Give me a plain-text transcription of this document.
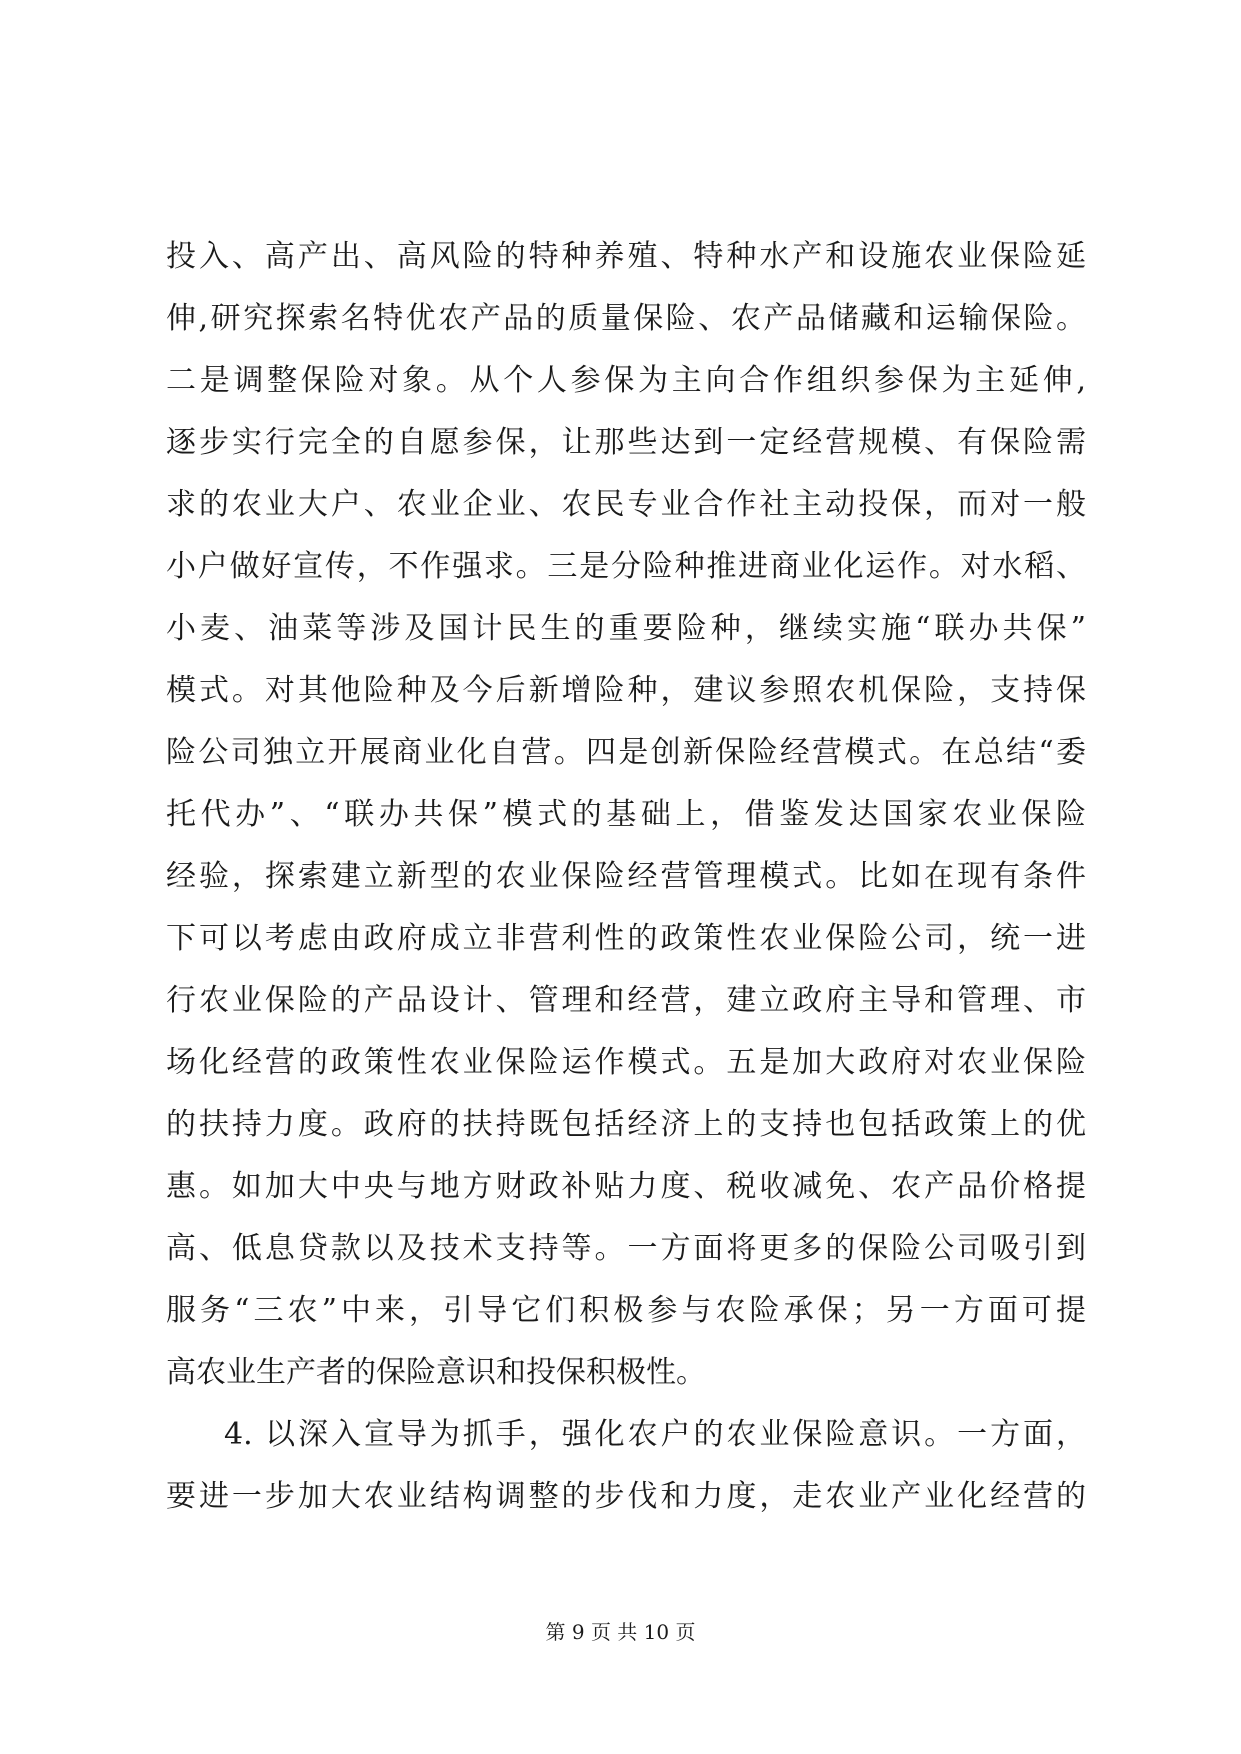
投入、高产出、高风险的特种养殖、特种水产和设施农业保险延
伸,研究探索名特优农产品的质量保险、农产品储藏和运输保险。
二是调整保险对象。从个人参保为主向合作组织参保为主延伸,
逐步实行完全的自愿参保，让那些达到一定经营规模、有保险需
求的农业大户、农业企业、农民专业合作社主动投保，而对一般
小户做好宣传，不作强求。三是分险种推进商业化运作。对水稻、
小麦、油菜等涉及国计民生的重要险种，继续实施“联办共保”
模式。对其他险种及今后新增险种，建议参照农机保险，支持保
险公司独立开展商业化自营。四是创新保险经营模式。在总结“委
托代办”、“联办共保”模式的基础上，借鉴发达国家农业保险
经验，探索建立新型的农业保险经营管理模式。比如在现有条件
下可以考虑由政府成立非营利性的政策性农业保险公司，统一进
行农业保险的产品设计、管理和经营，建立政府主导和管理、市
场化经营的政策性农业保险运作模式。五是加大政府对农业保险
的扶持力度。政府的扶持既包括经济上的支持也包括政策上的优
惠。如加大中央与地方财政补贴力度、税收减免、农产品价格提
高、低息贷款以及技术支持等。一方面将更多的保险公司吸引到
服务“三农”中来，引导它们积极参与农险承保；另一方面可提
高农业生产者的保险意识和投保积极性。
4. 以深入宣导为抓手，强化农户的农业保险意识。一方面，
要进一步加大农业结构调整的步伐和力度，走农业产业化经营的
第 9 页 共 10 页
